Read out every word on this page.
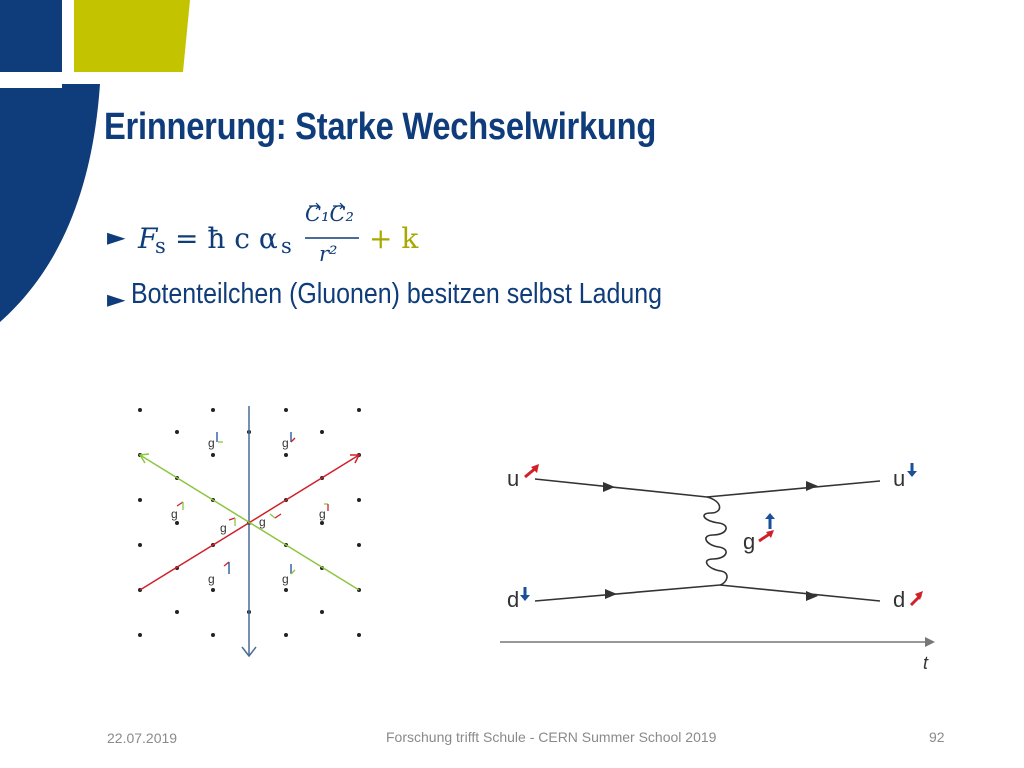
Erinnerung: Starke Wechselwirkung
► F
s = ħ c α s
C₁C₂
r² + k
► Botenteilchen (Gluonen) besitzen selbst Ladung
g	g
g	g
g	g
g	g
u	u
d	d
g
t
22.07.2019	Forschung trifft Schule - CERN Summer School 2019	92
